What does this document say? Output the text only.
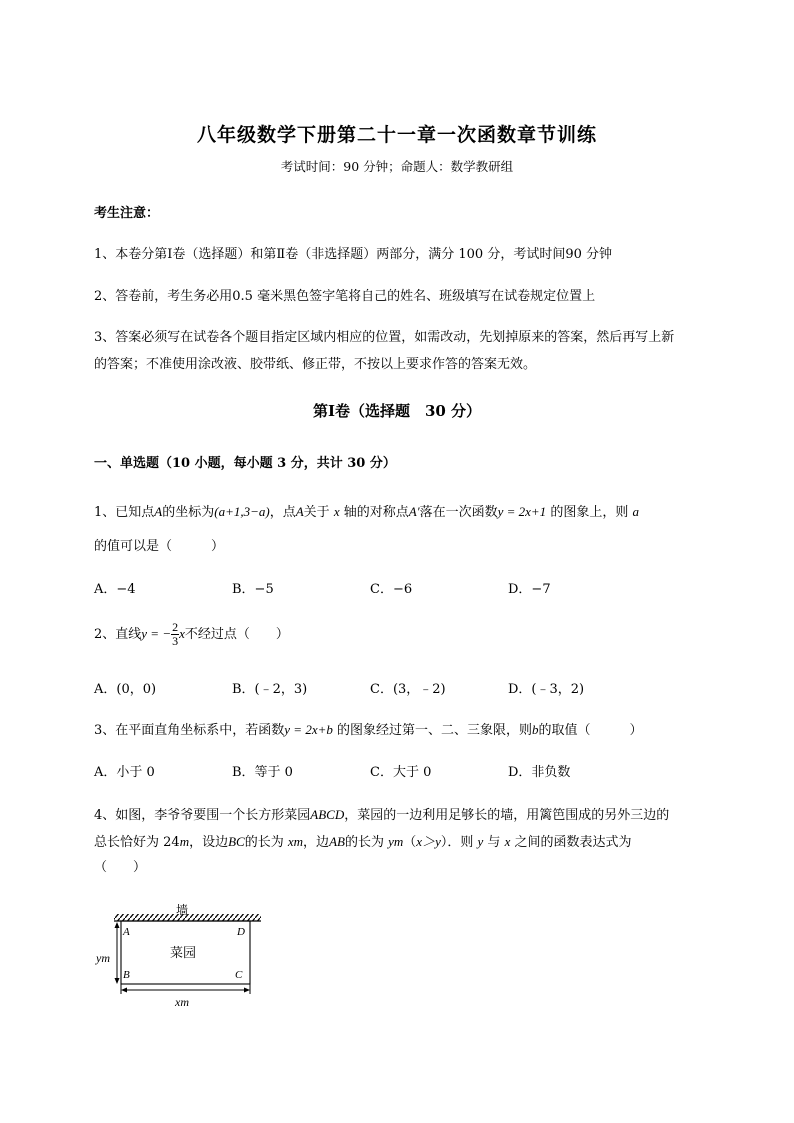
八年级数学下册第二十一章一次函数章节训练
考试时间：90 分钟；命题人：数学教研组
考生注意：
1、本卷分第Ⅰ卷（选择题）和第Ⅱ卷（非选择题）两部分，满分 100 分，考试时间90 分钟
2、答卷前，考生务必用0.5 毫米黑色签字笔将自己的姓名、班级填写在试卷规定位置上
3、答案必须写在试卷各个题目指定区域内相应的位置，如需改动，先划掉原来的答案，然后再写上新
的答案；不准使用涂改液、胶带纸、修正带，不按以上要求作答的答案无效。
第Ⅰ卷（选择题　30 分）
一、单选题（10 小题，每小题 3 分，共计 30 分）
1、已知点A的坐标为(a+1,3−a)，点A关于 x 轴的对称点A′落在一次函数y = 2x+1 的图象上，则 a
的值可以是（　　　）
A．−4	B．−5	C．−6	D．−7
2、直线y = − $\frac{2}{3}$ x不经过点（　　）
A．(0，0)	B．(﹣2，3)	C．(3，﹣2)	D．(﹣3，2)
3、在平面直角坐标系中，若函数y = 2x+b 的图象经过第一、二、三象限，则b的取值（　　　）
A．小于 0	B．等于 0	C．大于 0	D．非负数
4、如图，李爷爷要围一个长方形菜园ABCD，菜园的一边利用足够长的墙，用篱笆围成的另外三边的
总长恰好为 24m，设边BC的长为 xm，边AB的长为 ym（x＞y）．则 y 与 x 之间的函数表达式为
（　　）
墙
A	D
B	C
菜园
ym
xm
